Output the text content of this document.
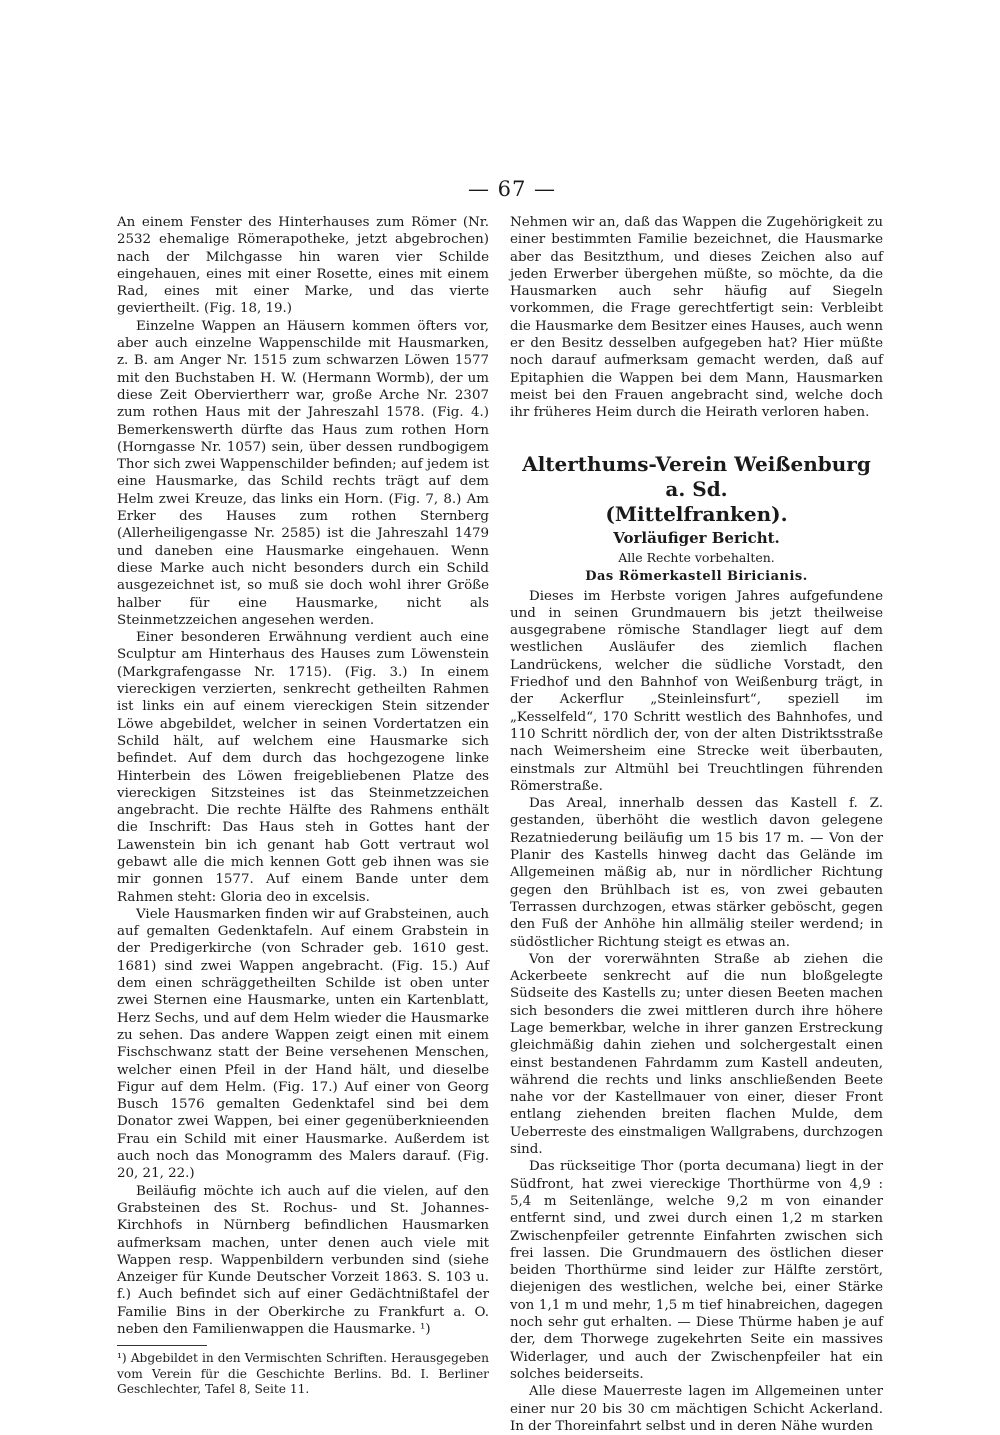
— 67 —

An einem Fenster des Hinterhauses zum Römer (Nr. 2532 ehemalige Römerapotheke, jetzt abgebrochen) nach der Milchgasse hin waren vier Schilde eingehauen, eines mit einer Rosette, eines mit einem Rad, eines mit einer Marke, und das vierte geviertheilt. (Fig. 18, 19.)

Einzelne Wappen an Häusern kommen öfters vor, aber auch einzelne Wappenschilde mit Hausmarken, z. B. am Anger Nr. 1515 zum schwarzen Löwen 1577 mit den Buchstaben H. W. (Hermann Wormb), der um diese Zeit Oberviertherr war, große Arche Nr. 2307 zum rothen Haus mit der Jahreszahl 1578. (Fig. 4.) Bemerkenswerth dürfte das Haus zum rothen Horn (Horngasse Nr. 1057) sein, über dessen rundbogigem Thor sich zwei Wappenschilder befinden; auf jedem ist eine Hausmarke, das Schild rechts trägt auf dem Helm zwei Kreuze, das links ein Horn. (Fig. 7, 8.) Am Erker des Hauses zum rothen Sternberg (Allerheiligengasse Nr. 2585) ist die Jahreszahl 1479 und daneben eine Hausmarke eingehauen. Wenn diese Marke auch nicht besonders durch ein Schild ausgezeichnet ist, so muß sie doch wohl ihrer Größe halber für eine Hausmarke, nicht als Steinmetzzeichen angesehen werden.

Einer besonderen Erwähnung verdient auch eine Sculptur am Hinterhaus des Hauses zum Löwenstein (Markgrafengasse Nr. 1715). (Fig. 3.) In einem viereckigen verzierten, senkrecht getheilten Rahmen ist links ein auf einem viereckigen Stein sitzender Löwe abgebildet, welcher in seinen Vordertatzen ein Schild hält, auf welchem eine Hausmarke sich befindet. Auf dem durch das hochgezogene linke Hinterbein des Löwen freigebliebenen Platze des viereckigen Sitzsteines ist das Steinmetzzeichen angebracht. Die rechte Hälfte des Rahmens enthält die Inschrift: Das Haus steh in Gottes hant der Lawenstein bin ich genant hab Gott vertraut wol gebawt alle die mich kennen Gott geb ihnen was sie mir gonnen 1577. Auf einem Bande unter dem Rahmen steht: Gloria deo in excelsis.

Viele Hausmarken finden wir auf Grabsteinen, auch auf gemalten Gedenktafeln. Auf einem Grabstein in der Predigerkirche (von Schrader geb. 1610 gest. 1681) sind zwei Wappen angebracht. (Fig. 15.) Auf dem einen schräggetheilten Schilde ist oben unter zwei Sternen eine Hausmarke, unten ein Kartenblatt, Herz Sechs, und auf dem Helm wieder die Hausmarke zu sehen. Das andere Wappen zeigt einen mit einem Fischschwanz statt der Beine versehenen Menschen, welcher einen Pfeil in der Hand hält, und dieselbe Figur auf dem Helm. (Fig. 17.) Auf einer von Georg Busch 1576 gemalten Gedenktafel sind bei dem Donator zwei Wappen, bei einer gegenüberknieenden Frau ein Schild mit einer Hausmarke. Außerdem ist auch noch das Monogramm des Malers darauf. (Fig. 20, 21, 22.)

Beiläufig möchte ich auch auf die vielen, auf den Grabsteinen des St. Rochus- und St. Johannes-Kirchhofs in Nürnberg befindlichen Hausmarken aufmerksam machen, unter denen auch viele mit Wappen resp. Wappenbildern verbunden sind (siehe Anzeiger für Kunde Deutscher Vorzeit 1863. S. 103 u. f.) Auch befindet sich auf einer Gedächtnißtafel der Familie Bins in der Oberkirche zu Frankfurt a. O. neben den Familienwappen die Hausmarke. ¹)

¹) Abgebildet in den Vermischten Schriften. Herausgegeben vom Verein für die Geschichte Berlins. Bd. I. Berliner Geschlechter, Tafel 8, Seite 11.

Nehmen wir an, daß das Wappen die Zugehörigkeit zu einer bestimmten Familie bezeichnet, die Hausmarke aber das Besitzthum, und dieses Zeichen also auf jeden Erwerber übergehen müßte, so möchte, da die Hausmarken auch sehr häufig auf Siegeln vorkommen, die Frage gerechtfertigt sein: Verbleibt die Hausmarke dem Besitzer eines Hauses, auch wenn er den Besitz desselben aufgegeben hat? Hier müßte noch darauf aufmerksam gemacht werden, daß auf Epitaphien die Wappen bei dem Mann, Hausmarken meist bei den Frauen angebracht sind, welche doch ihr früheres Heim durch die Heirath verloren haben.

Alterthums-Verein Weißenburg a. Sd.
(Mittelfranken).
Vorläufiger Bericht.
Alle Rechte vorbehalten.
Das Römerkastell Biricianis.

Dieses im Herbste vorigen Jahres aufgefundene und in seinen Grundmauern bis jetzt theilweise ausgegrabene römische Standlager liegt auf dem westlichen Ausläufer des ziemlich flachen Landrückens, welcher die südliche Vorstadt, den Friedhof und den Bahnhof von Weißenburg trägt, in der Ackerflur „Steinleinsfurt“, speziell im „Kesselfeld“, 170 Schritt westlich des Bahnhofes, und 110 Schritt nördlich der, von der alten Distriktsstraße nach Weimersheim eine Strecke weit überbauten, einstmals zur Altmühl bei Treuchtlingen führenden Römerstraße.

Das Areal, innerhalb dessen das Kastell f. Z. gestanden, überhöht die westlich davon gelegene Rezatniederung beiläufig um 15 bis 17 m. — Von der Planir des Kastells hinweg dacht das Gelände im Allgemeinen mäßig ab, nur in nördlicher Richtung gegen den Brühlbach ist es, von zwei gebauten Terrassen durchzogen, etwas stärker geböscht, gegen den Fuß der Anhöhe hin allmälig steiler werdend; in südöstlicher Richtung steigt es etwas an.

Von der vorerwähnten Straße ab ziehen die Ackerbeete senkrecht auf die nun bloßgelegte Südseite des Kastells zu; unter diesen Beeten machen sich besonders die zwei mittleren durch ihre höhere Lage bemerkbar, welche in ihrer ganzen Erstreckung gleichmäßig dahin ziehen und solchergestalt einen einst bestandenen Fahrdamm zum Kastell andeuten, während die rechts und links anschließenden Beete nahe vor der Kastellmauer von einer, dieser Front entlang ziehenden breiten flachen Mulde, dem Ueberreste des einstmaligen Wallgrabens, durchzogen sind.

Das rückseitige Thor (porta decumana) liegt in der Südfront, hat zwei viereckige Thorthürme von 4,9 : 5,4 m Seitenlänge, welche 9,2 m von einander entfernt sind, und zwei durch einen 1,2 m starken Zwischenpfeiler getrennte Einfahrten zwischen sich frei lassen. Die Grundmauern des östlichen dieser beiden Thorthürme sind leider zur Hälfte zerstört, diejenigen des westlichen, welche bei, einer Stärke von 1,1 m und mehr, 1,5 m tief hinabreichen, dagegen noch sehr gut erhalten. — Diese Thürme haben je auf der, dem Thorwege zugekehrten Seite ein massives Widerlager, und auch der Zwischenpfeiler hat ein solches beiderseits.

Alle diese Mauerreste lagen im Allgemeinen unter einer nur 20 bis 30 cm mächtigen Schicht Ackerland. In der Thoreinfahrt selbst und in deren Nähe wurden
